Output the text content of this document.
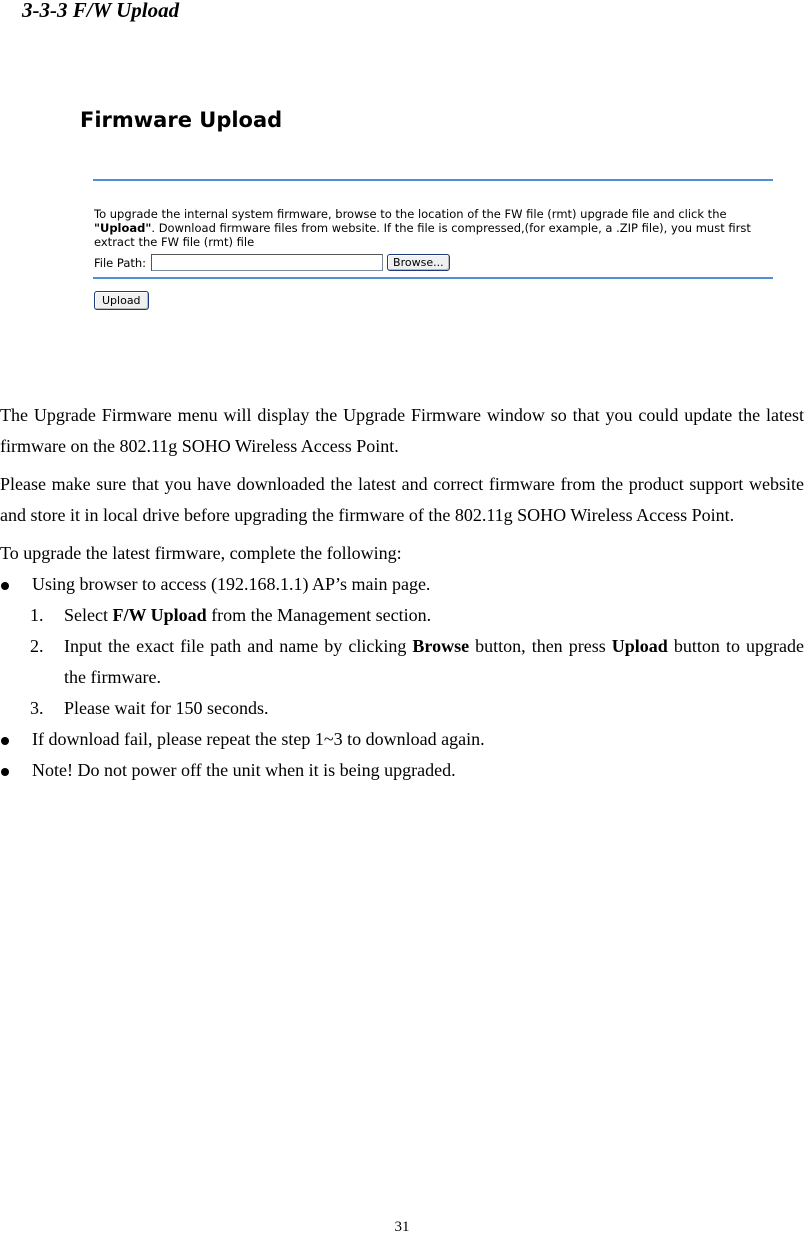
3-3-3 F/W Upload
Firmware Upload

To upgrade the internal system firmware, browse to the location of the FW file (rmt) upgrade file and click the "Upload". Download firmware files from website. If the file is compressed,(for example, a .ZIP file), you must first extract the FW file (rmt) file

File Path:	Browse...
Upload

The Upgrade Firmware menu will display the Upgrade Firmware window so that you could update the latest firmware on the 802.11g SOHO Wireless Access Point.

Please make sure that you have downloaded the latest and correct firmware from the product support website and store it in local drive before upgrading the firmware of the 802.11g SOHO Wireless Access Point.

To upgrade the latest firmware, complete the following:

Using browser to access (192.168.1.1) AP’s main page.
1.	Select F/W Upload from the Management section.
2.	Input the exact file path and name by clicking Browse button, then press Upload button to upgrade the firmware.
3.	Please wait for 150 seconds.
If download fail, please repeat the step 1~3 to download again.
Note! Do not power off the unit when it is being upgraded.
31
